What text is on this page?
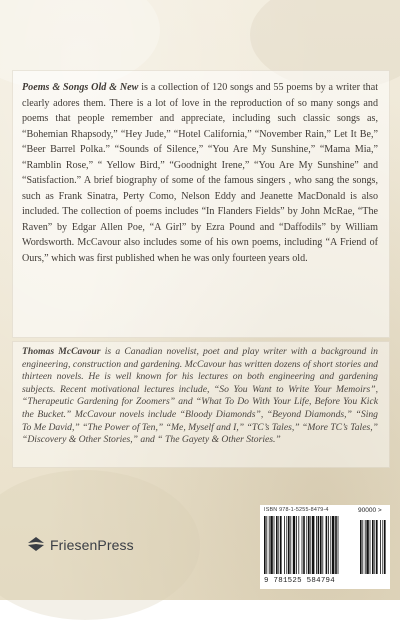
Poems & Songs Old & New is a collection of 120 songs and 55 poems by a writer that clearly adores them. There is a lot of love in the reproduction of so many songs and poems that people remember and appreciate, including such classic songs as, “Bohemian Rhapsody,” “Hey Jude,” “Hotel California,” “November Rain,” Let It Be,” “Beer Barrel Polka.” “Sounds of Silence,” “You Are My Sunshine,” “Mama Mia,” “Ramblin Rose,” “ Yellow Bird,” “Goodnight Irene,” “You Are My Sunshine” and “Satisfaction.” A brief biography of some of the famous singers , who sang the songs, such as Frank Sinatra, Perty Como, Nelson Eddy and Jeanette MacDonald is also included. The collection of poems includes “In Flanders Fields” by John McRae, “The Raven” by Edgar Allen Poe, “A Girl” by Ezra Pound and “Daffodils” by William Wordsworth. McCavour also includes some of his own poems, including “A Friend of Ours,” which was first published when he was only fourteen years old.

Thomas McCavour is a Canadian novelist, poet and play writer with a background in engineering, construction and gardening. McCavour has written dozens of short stories and thirteen novels. He is well known for his lectures on both engineering and gardening subjects. Recent motivational lectures include, “So You Want to Write Your Memoirs”, “Therapeutic Gardening for Zoomers” and “What To Do With Your Life, Before You Kick the Bucket.” McCavour novels include “Bloody Diamonds”, “Beyond Diamonds,” “Sing To Me David,” “The Power of Ten,” “Me, Myself and I,” “TC’s Tales,” “More TC’s Tales,” “Discovery & Other Stories,” and “ The Gayety & Other Stories.”

FriesenPress
ISBN 978-1-5255-8479-4	90000 >
9 781525 584794
